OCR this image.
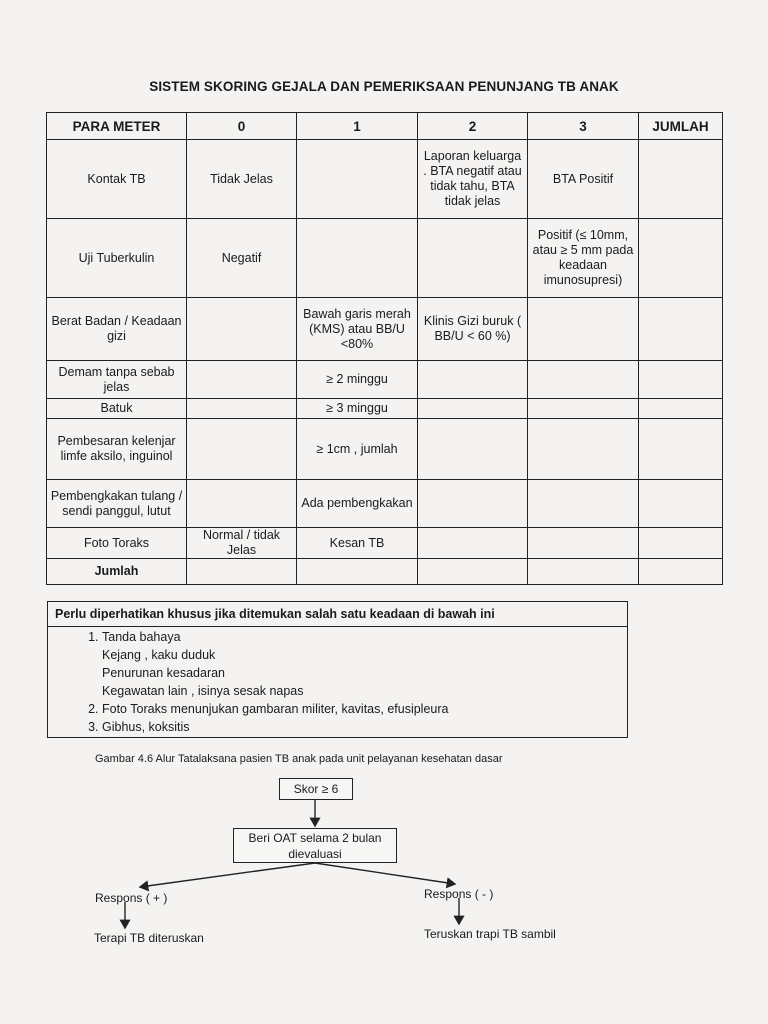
SISTEM SKORING GEJALA DAN PEMERIKSAAN PENUNJANG TB ANAK
PARA METER	0	1	2	3	JUMLAH
Kontak TB	Tidak Jelas		Laporan keluarga . BTA negatif atau tidak tahu, BTA tidak jelas	BTA Positif	
Uji Tuberkulin	Negatif			Positif (≤ 10mm, atau ≥ 5 mm pada keadaan imunosupresi)	
Berat Badan / Keadaan gizi		Bawah garis merah (KMS) atau BB/U <80%	Klinis Gizi buruk ( BB/U < 60 %)		
Demam tanpa sebab jelas		≥ 2 minggu			
Batuk		≥ 3 minggu			
Pembesaran kelenjar limfe aksilo, inguinol		≥ 1cm , jumlah			
Pembengkakan tulang / sendi panggul, lutut		Ada pembengkakan			
Foto Toraks	Normal / tidak Jelas	Kesan TB			
Jumlah					
Perlu diperhatikan khusus jika ditemukan salah satu keadaan di bawah ini
1. Tanda bahaya
Kejang , kaku duduk
Penurunan kesadaran
Kegawatan lain , isinya sesak napas
2. Foto Toraks menunjukan gambaran militer, kavitas, efusipleura
3. Gibhus, koksitis
Gambar 4.6 Alur Tatalaksana pasien TB anak pada unit pelayanan kesehatan dasar
Skor ≥ 6
Beri OAT selama 2 bulan
dievaluasi
Respons ( + )	Respons ( - )
Terapi TB diteruskan	Teruskan trapi TB sambil
